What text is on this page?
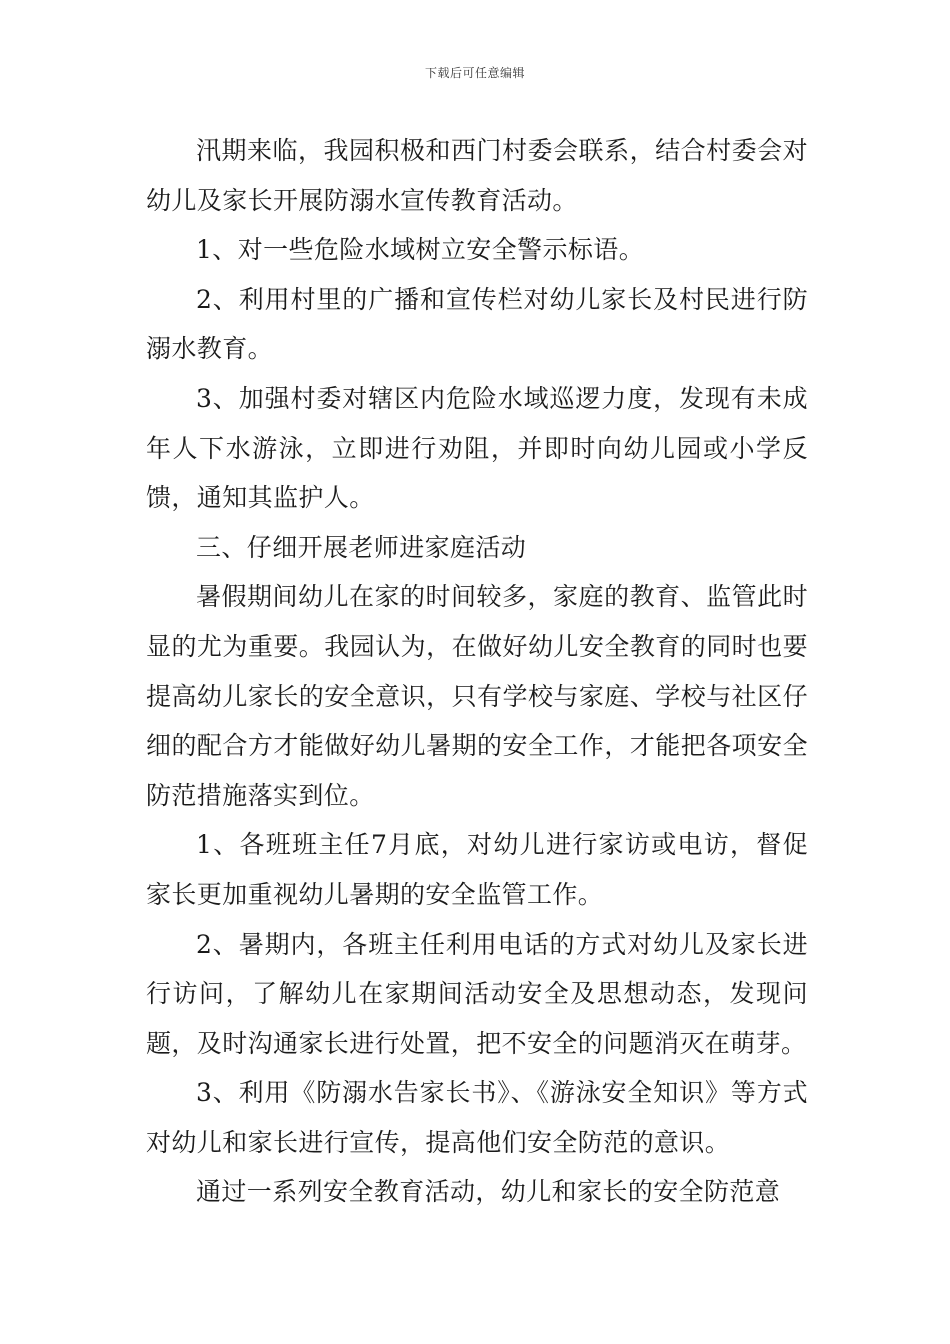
下载后可任意编辑

汛期来临，我园积极和西门村委会联系，结合村委会对幼儿及家长开展防溺水宣传教育活动。

1、对一些危险水域树立安全警示标语。

2、利用村里的广播和宣传栏对幼儿家长及村民进行防溺水教育。

3、加强村委对辖区内危险水域巡逻力度，发现有未成年人下水游泳，立即进行劝阻，并即时向幼儿园或小学反馈，通知其监护人。

三、仔细开展老师进家庭活动

暑假期间幼儿在家的时间较多，家庭的教育、监管此时显的尤为重要。我园认为，在做好幼儿安全教育的同时也要提高幼儿家长的安全意识，只有学校与家庭、学校与社区仔细的配合方才能做好幼儿暑期的安全工作，才能把各项安全防范措施落实到位。

1、各班班主任7月底，对幼儿进行家访或电访，督促家长更加重视幼儿暑期的安全监管工作。

2、暑期内，各班主任利用电话的方式对幼儿及家长进行访问，了解幼儿在家期间活动安全及思想动态，发现问题，及时沟通家长进行处置，把不安全的问题消灭在萌芽。

3、利用《防溺水告家长书》、《游泳安全知识》等方式对幼儿和家长进行宣传，提高他们安全防范的意识。

通过一系列安全教育活动，幼儿和家长的安全防范意
